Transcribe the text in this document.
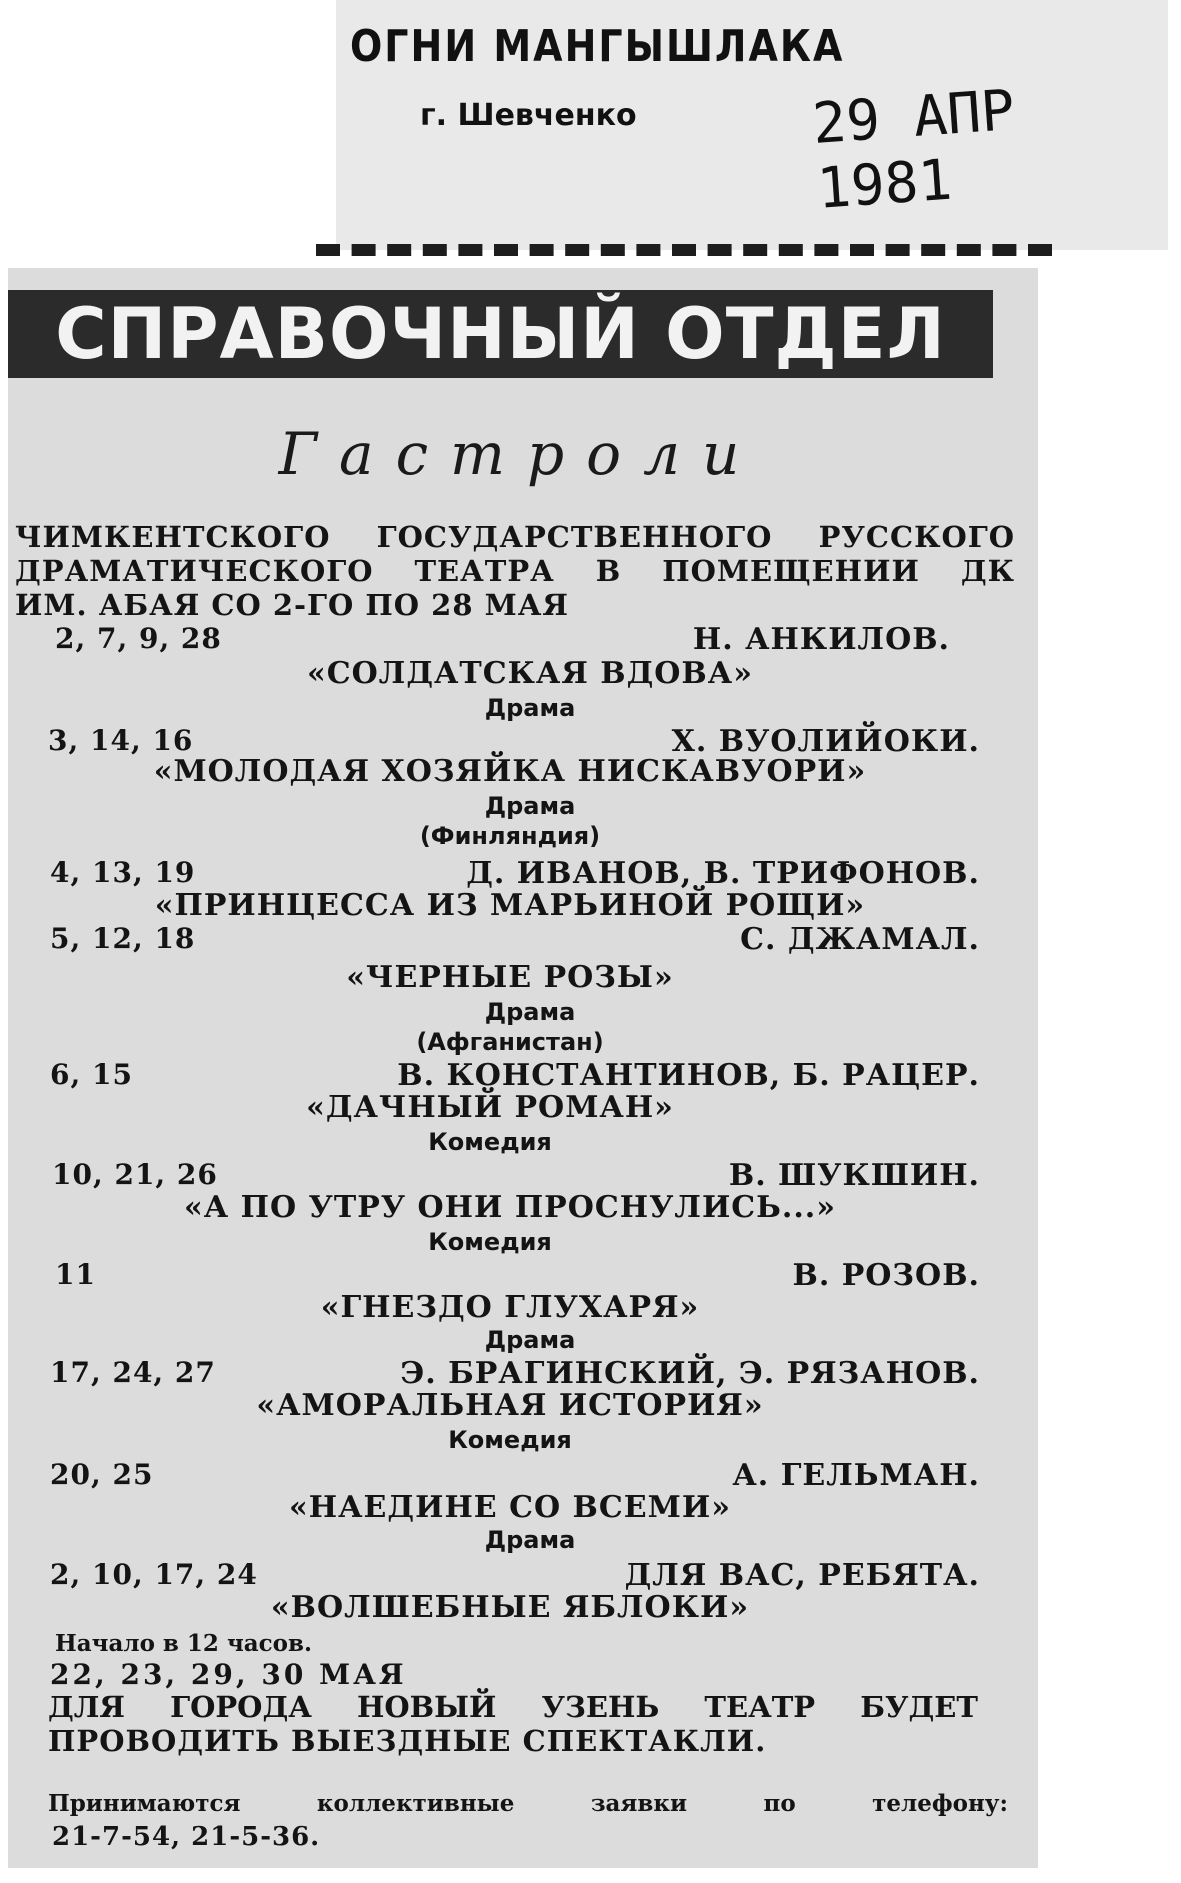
ОГНИ МАНГЫШЛАКА
г. Шевченко	29 АПР 1981
СПРАВОЧНЫЙ ОТДЕЛ
Гастроли
ЧИМКЕНТСКОГО ГОСУДАРСТВЕННОГО РУССКОГО
ДРАМАТИЧЕСКОГО ТЕАТРА В ПОМЕЩЕНИИ ДК
ИМ. АБАЯ СО 2-ГО ПО 28 МАЯ
2, 7, 9, 28	Н. АНКИЛОВ.
«СОЛДАТСКАЯ ВДОВА»
Драма
3, 14, 16	Х. ВУОЛИЙОКИ.
«МОЛОДАЯ ХОЗЯЙКА НИСКАВУОРИ»
Драма
(Финляндия)
4, 13, 19	Д. ИВАНОВ, В. ТРИФОНОВ.
«ПРИНЦЕССА ИЗ МАРЬИНОЙ РОЩИ»
5, 12, 18	С. ДЖАМАЛ.
«ЧЕРНЫЕ РОЗЫ»
Драма
(Афганистан)
6, 15	В. КОНСТАНТИНОВ, Б. РАЦЕР.
«ДАЧНЫЙ РОМАН»
Комедия
10, 21, 26	В. ШУКШИН.
«А ПО УТРУ ОНИ ПРОСНУЛИСЬ...»
Комедия
11	В. РОЗОВ.
«ГНЕЗДО ГЛУХАРЯ»
Драма
17, 24, 27	Э. БРАГИНСКИЙ, Э. РЯЗАНОВ.
«АМОРАЛЬНАЯ ИСТОРИЯ»
Комедия
20, 25	А. ГЕЛЬМАН.
«НАЕДИНЕ СО ВСЕМИ»
Драма
2, 10, 17, 24	ДЛЯ ВАС, РЕБЯТА.
«ВОЛШЕБНЫЕ ЯБЛОКИ»
Начало в 12 часов.
22, 23, 29, 30 МАЯ
ДЛЯ ГОРОДА НОВЫЙ УЗЕНЬ ТЕАТР БУДЕТ
ПРОВОДИТЬ ВЫЕЗДНЫЕ СПЕКТАКЛИ.
Принимаются коллективные заявки по телефону:
21-7-54, 21-5-36.
